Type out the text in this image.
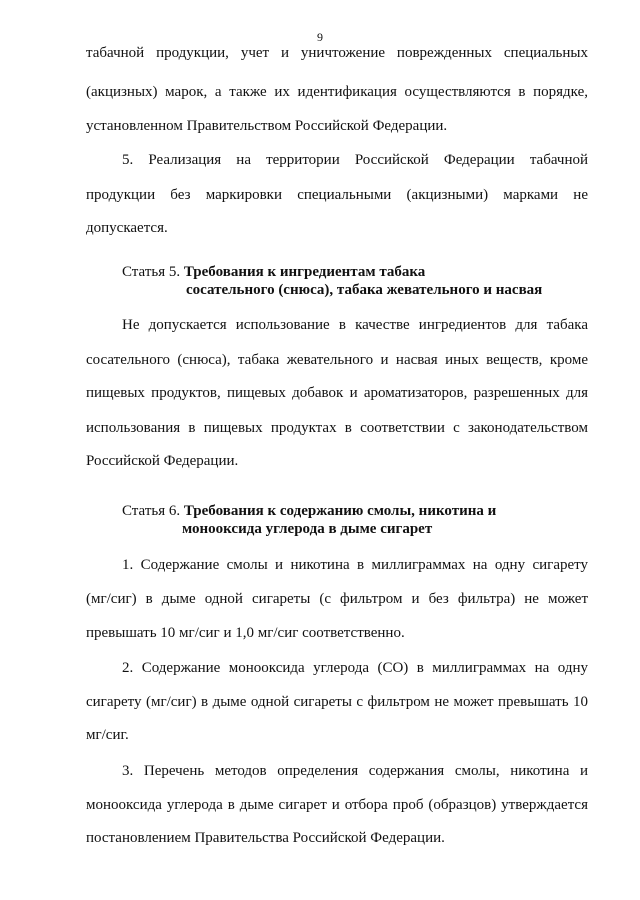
9
табачной продукции, учет и уничтожение поврежденных специальных
(акцизных) марок, а также их идентификация осуществляются в порядке,
установленном Правительством Российской Федерации.
5. Реализация на территории Российской Федерации табачной
продукции без маркировки специальными (акцизными) марками не
допускается.
Статья 5. Требования к ингредиентам табака
сосательного (снюса), табака жевательного и насвая
Не допускается использование в качестве ингредиентов для табака
сосательного (снюса), табака жевательного и насвая иных веществ, кроме
пищевых продуктов, пищевых добавок и ароматизаторов, разрешенных для
использования в пищевых продуктах в соответствии с законодательством
Российской Федерации.
Статья 6. Требования к содержанию смолы, никотина и
монооксида углерода в дыме сигарет
1. Содержание смолы и никотина в миллиграммах на одну сигарету
(мг/сиг) в дыме одной сигареты (с фильтром и без фильтра) не может
превышать 10 мг/сиг и 1,0 мг/сиг соответственно.
2. Содержание монооксида углерода (CO) в миллиграммах на одну
сигарету (мг/сиг) в дыме одной сигареты с фильтром не может превышать 10
мг/сиг.
3. Перечень методов определения содержания смолы, никотина и
монооксида углерода в дыме сигарет и отбора проб (образцов) утверждается
постановлением Правительства Российской Федерации.
